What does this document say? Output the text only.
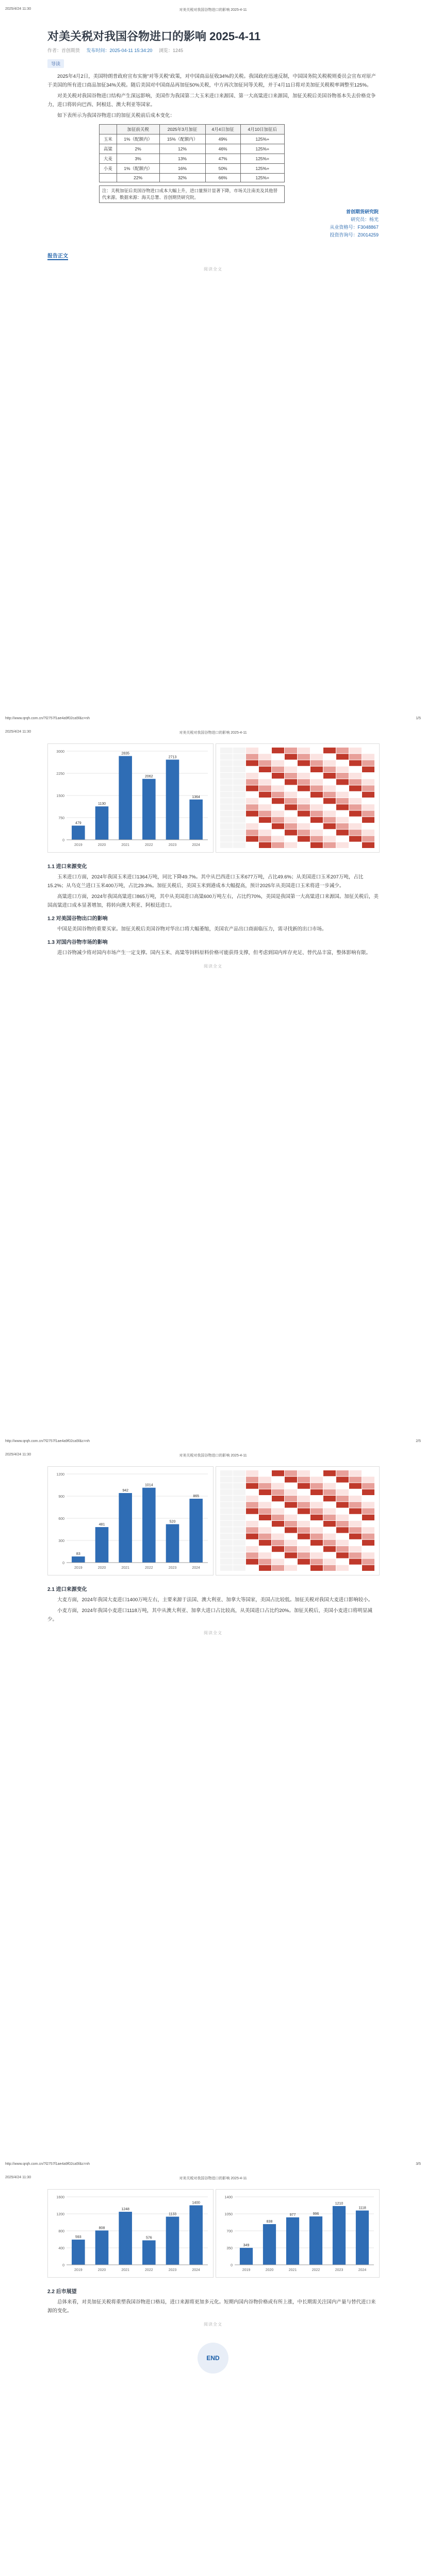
2025/4/24 11:30	对美关税对我国谷物进口的影响 2025-4-11
对美关税对我国谷物进口的影响 2025-4-11
作者：首创期货 发布时间：2025-04-11 15:34:20 浏览：1245
导读

2025年4月2日，美国特朗普政府宣布实施"对等关税"政策，对中国商品征收34%的关税。我国政府迅速反制，中国国务院关税税则委员会宣布对原产于美国的所有进口商品加征34%关税。随后美国对中国商品再加征50%关税，中方再次加征同等关税，并于4月11日将对美加征关税税率调整至125%。

对美关税对我国谷物进口结构产生深远影响，美国作为我国第二大玉米进口来源国、第一大高粱进口来源国，加征关税后美国谷物基本失去价格竞争力，进口将转向巴西、阿根廷、澳大利亚等国家。

如下表所示为我国谷物进口的加征关税前后成本变化：

	加征前关税	2025年3月加征	4月4日加征	4月10日加征后
玉米	1%（配额内）	15%（配额内）	49%	125%+
高粱	2%	12%	46%	125%+
大麦	3%	13%	47%	125%+
小麦	1%（配额内）	16%	50%	125%+
	22%	32%	66%	125%+
注：关税加征后美国谷物进口成本大幅上升，进口量预计显著下降，市场关注南美及其他替代来源。数据来源：海关总署、首创期货研究院。
首创期货研究院
研究员：杨光
从业资格号：F3048867
投资咨询号：Z0014259
报告正文
阅读全文
http://www.qrqh.com.cn/?l2757f1ae4a9f02ca5f&c=nh	1/5
2025/4/24 11:30	对美关税对我国谷物进口的影响 2025-4-11
0
750
1500
2250
3000
479
2019
1130
2020
2835
2021
2062
2022
2713
2023
1364
2024
1.1 进口来源变化

玉米进口方面，2024年我国玉米进口1364万吨，同比下降49.7%。其中从巴西进口玉米677万吨，占比49.6%；从美国进口玉米207万吨，占比15.2%；从乌克兰进口玉米400万吨，占比29.3%。加征关税后，美国玉米到港成本大幅提高，预计2025年从美国进口玉米将进一步减少。

高粱进口方面，2024年我国高粱进口865万吨，其中从美国进口高粱600万吨左右，占比约70%，美国是我国第一大高粱进口来源国。加征关税后，美国高粱进口成本显著增加，将转向澳大利亚、阿根廷进口。

1.2 对美国谷物出口的影响

中国是美国谷物的重要买家。加征关税后美国谷物对华出口将大幅萎缩，美国农产品出口商面临压力，需寻找新的出口市场。

1.3 对国内谷物市场的影响

进口谷物减少将对国内市场产生一定支撑。国内玉米、高粱等饲料原料价格可能获得支撑，但考虑到国内库存充足、替代品丰富，整体影响有限。

阅读全文
http://www.qrqh.com.cn/?l2757f1ae4a9f02ca5f&c=nh	2/5
2025/4/24 11:30	对美关税对我国谷物进口的影响 2025-4-11
0
300
600
900
1200
83
2019
481
2020
942
2021
1014
2022
520
2023
865
2024
2.1 进口来源变化

大麦方面，2024年我国大麦进口1400万吨左右，主要来源于法国、澳大利亚、加拿大等国家，美国占比较低。加征关税对我国大麦进口影响较小。

小麦方面，2024年我国小麦进口1118万吨，其中从澳大利亚、加拿大进口占比较高，从美国进口占比约20%。加征关税后，美国小麦进口将明显减少。

阅读全文
http://www.qrqh.com.cn/?l2757f1ae4a9f02ca5f&c=nh	3/5
2025/4/24 11:30	对美关税对我国谷物进口的影响 2025-4-11
0
400
800
1200
1600
593
2019
808
2020
1248
2021
576
2022
1133
2023
1400
2024
0
350
700
1050
1400
349
2019
838
2020
977
2021
996
2022
1210
2023
1118
2024
2.2 后市展望

总体来看，对美加征关税将重塑我国谷物进口格局，进口来源将更加多元化。短期内国内谷物价格或有所上涨，中长期需关注国内产量与替代进口来源的变化。

阅读全文
END
